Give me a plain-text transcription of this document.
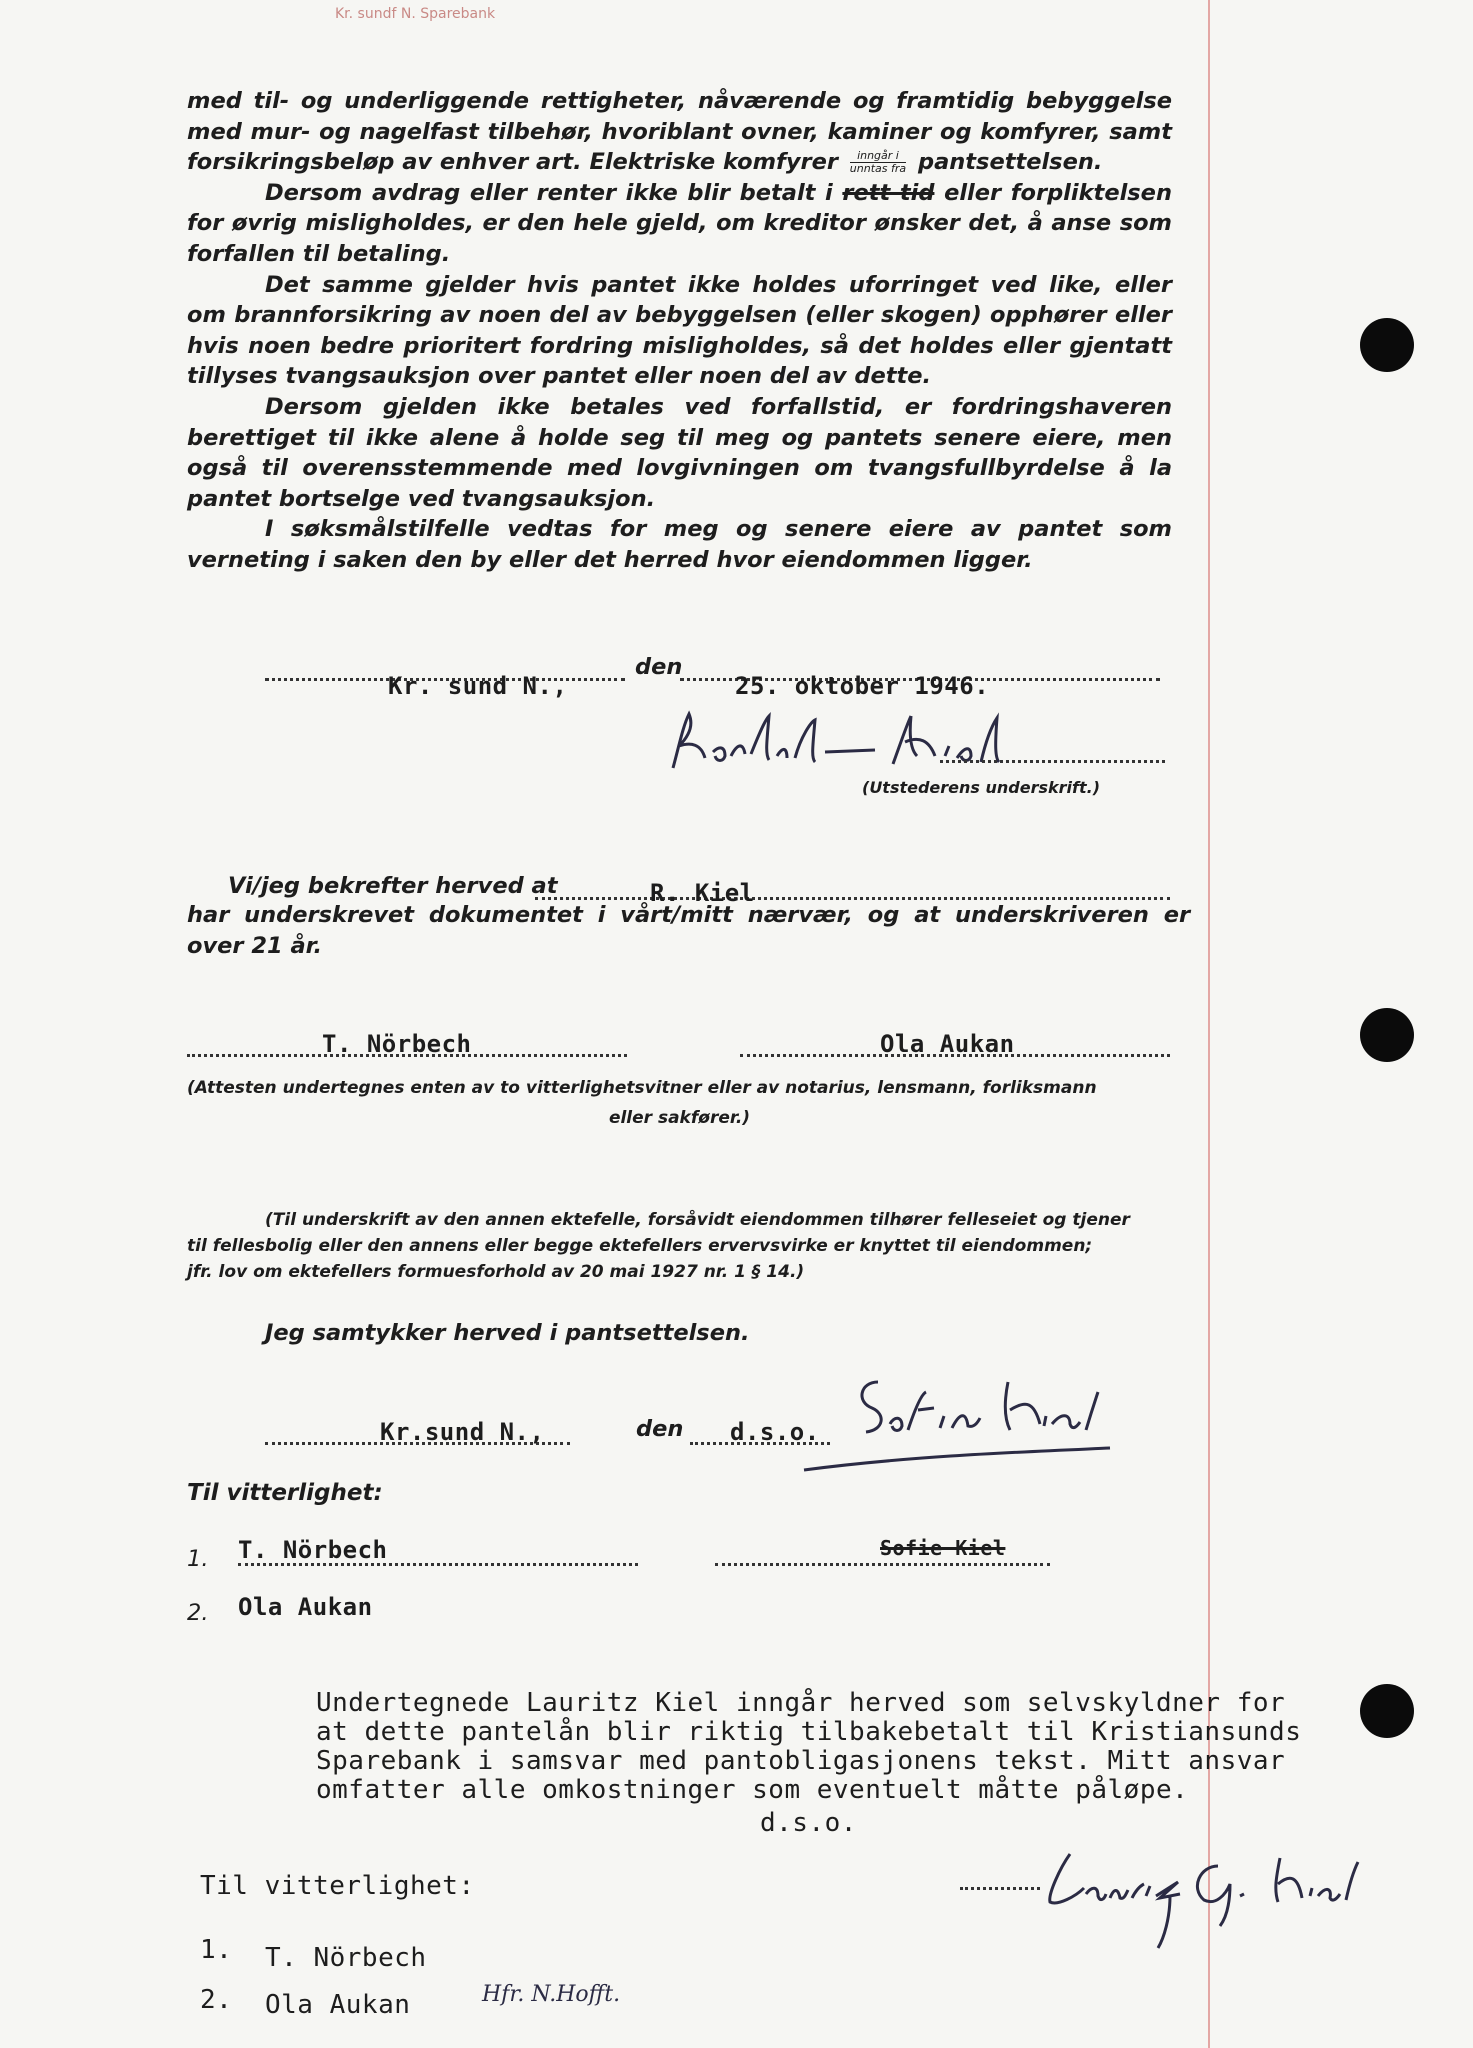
Kr. sundf N. Sparebank

med til- og underliggende rettigheter, nåværende og framtidig bebyggelse med mur- og nagelfast tilbehør, hvoriblant ovner, kaminer og komfyrer, samt forsikringsbeløp av enhver art. Elektriske komfyrer $\frac{\text{inngår i}}{\text{unntas fra}}$ pantsettelsen.

Dersom avdrag eller renter ikke blir betalt i rett tid eller forpliktelsen for øvrig misligholdes, er den hele gjeld, om kreditor ønsker det, å anse som forfallen til betaling.

Det samme gjelder hvis pantet ikke holdes uforringet ved like, eller om brannforsikring av noen del av bebyggelsen (eller skogen) opphører eller hvis noen bedre prioritert fordring misligholdes, så det holdes eller gjentatt tillyses tvangsauksjon over pantet eller noen del av dette.

Dersom gjelden ikke betales ved forfallstid, er fordringshaveren berettiget til ikke alene å holde seg til meg og pantets senere eiere, men også til overensstemmende med lovgivningen om tvangsfullbyrdelse å la pantet bortselge ved tvangsauksjon.

I søksmålstilfelle vedtas for meg og senere eiere av pantet som verneting i saken den by eller det herred hvor eiendommen ligger.

den
Kr. sund N.,	25. oktober 1946.
(Utstederens underskrift.)
Vi/jeg bekrefter herved at	R. Kiel
har underskrevet dokumentet i vårt/mitt nærvær, og at underskriveren er
over 21 år.
T. Nörbech	Ola Aukan
(Attesten undertegnes enten av to vitterlighetsvitner eller av notarius, lensmann, forliksmann
eller sakfører.)
(Til underskrift av den annen ektefelle, forsåvidt eiendommen tilhører felleseiet og tjener
til fellesbolig eller den annens eller begge ektefellers ervervsvirke er knyttet til eiendommen;
jfr. lov om ektefellers formuesforhold av 20 mai 1927 nr. 1 § 14.)
Jeg samtykker herved i pantsettelsen.
Kr.sund N.,	den d.s.o.
Til vitterlighet:
1. T. Nörbech	Sofie Kiel
2. Ola Aukan
Undertegnede Lauritz Kiel inngår herved som selvskyldner for
at dette pantelån blir riktig tilbakebetalt til Kristiansunds
Sparebank i samsvar med pantobligasjonens tekst. Mitt ansvar
omfatter alle omkostninger som eventuelt måtte påløpe.
d.s.o.
Til vitterlighet:
1. T. Nörbech
2. Ola Aukan	Hfr. N.Hofft.
